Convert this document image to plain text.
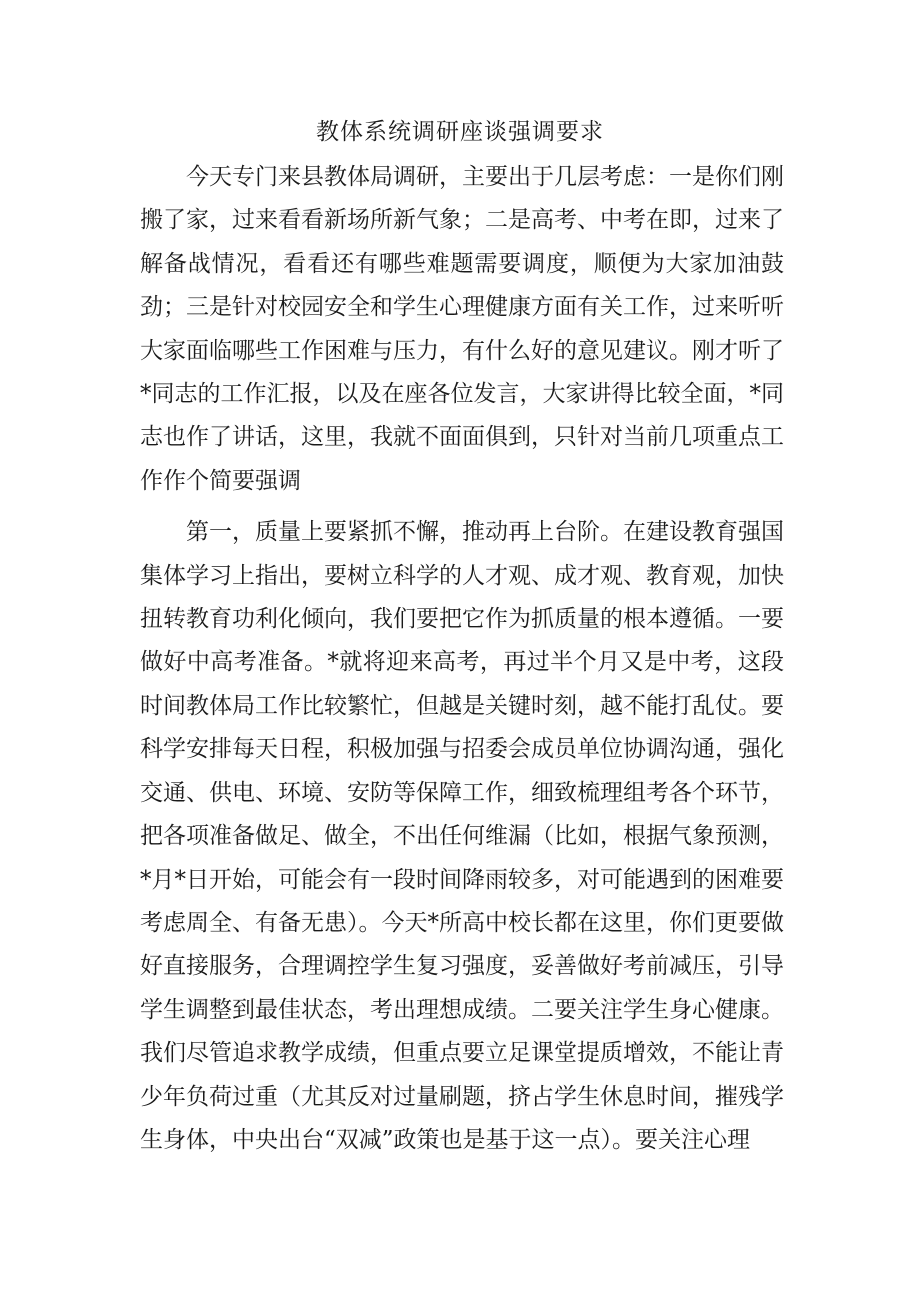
教体系统调研座谈强调要求

今天专门来县教体局调研，主要出于几层考虑：一是你们刚搬了家，过来看看新场所新气象；二是高考、中考在即，过来了解备战情况，看看还有哪些难题需要调度，顺便为大家加油鼓劲；三是针对校园安全和学生心理健康方面有关工作，过来听听大家面临哪些工作困难与压力，有什么好的意见建议。刚才听了*同志的工作汇报，以及在座各位发言，大家讲得比较全面，*同志也作了讲话，这里，我就不面面俱到，只针对当前几项重点工作作个简要强调

第一，质量上要紧抓不懈，推动再上台阶。在建设教育强国集体学习上指出，要树立科学的人才观、成才观、教育观，加快扭转教育功利化倾向，我们要把它作为抓质量的根本遵循。一要做好中高考准备。*就将迎来高考，再过半个月又是中考，这段时间教体局工作比较繁忙，但越是关键时刻，越不能打乱仗。要科学安排每天日程，积极加强与招委会成员单位协调沟通，强化交通、供电、环境、安防等保障工作，细致梳理组考各个环节，把各项准备做足、做全，不出任何维漏（比如，根据气象预测，*月*日开始，可能会有一段时间降雨较多，对可能遇到的困难要考虑周全、有备无患）。今天*所高中校长都在这里，你们更要做好直接服务，合理调控学生复习强度，妥善做好考前减压，引导学生调整到最佳状态，考出理想成绩。二要关注学生身心健康。我们尽管追求教学成绩，但重点要立足课堂提质增效，不能让青少年负荷过重（尤其反对过量刷题，挤占学生休息时间，摧残学生身体，中央出台“双减”政策也是基于这一点）。要关注心理
